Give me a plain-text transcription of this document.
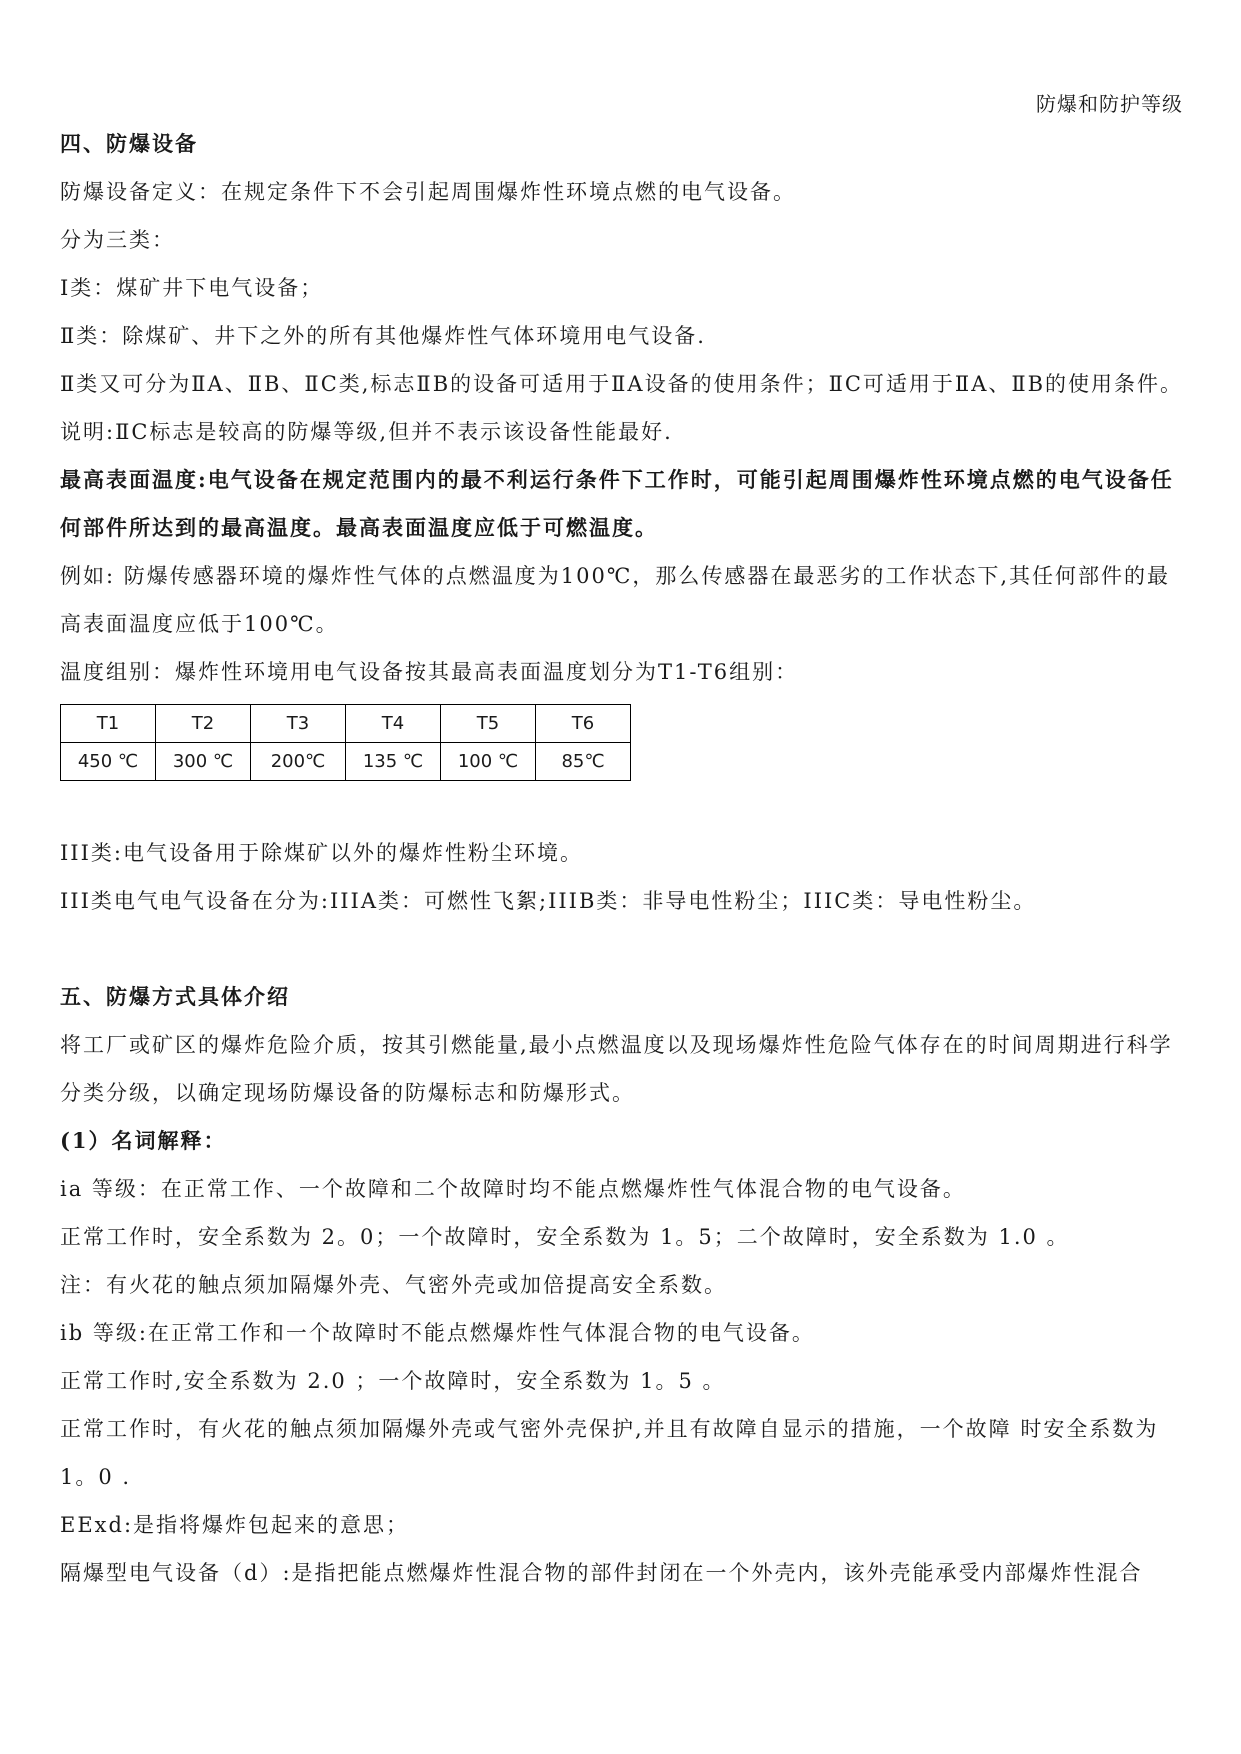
防爆和防护等级

四、防爆设备

防爆设备定义：在规定条件下不会引起周围爆炸性环境点燃的电气设备。

分为三类：

Ⅰ类：煤矿井下电气设备；

Ⅱ类：除煤矿、井下之外的所有其他爆炸性气体环境用电气设备.

Ⅱ类又可分为ⅡA、ⅡB、ⅡC类,标志ⅡB的设备可适用于ⅡA设备的使用条件；ⅡC可适用于ⅡA、ⅡB的使用条件。

说明:ⅡC标志是较高的防爆等级,但并不表示该设备性能最好.

最高表面温度:电气设备在规定范围内的最不利运行条件下工作时，可能引起周围爆炸性环境点燃的电气设备任何部件所达到的最高温度。最高表面温度应低于可燃温度。

例如: 防爆传感器环境的爆炸性气体的点燃温度为100℃，那么传感器在最恶劣的工作状态下,其任何部件的最高表面温度应低于100℃。

温度组别：爆炸性环境用电气设备按其最高表面温度划分为T1-T6组别：

T1	T2	T3	T4	T5	T6
450 ℃	300 ℃	200℃	135 ℃	100 ℃	85℃

III类:电气设备用于除煤矿以外的爆炸性粉尘环境。

III类电气电气设备在分为:IIIA类：可燃性飞絮;IIIB类：非导电性粉尘；IIIC类：导电性粉尘。

五、防爆方式具体介绍

将工厂或矿区的爆炸危险介质，按其引燃能量,最小点燃温度以及现场爆炸性危险气体存在的时间周期进行科学分类分级，以确定现场防爆设备的防爆标志和防爆形式。

(1）名词解释：

ia 等级：在正常工作、一个故障和二个故障时均不能点燃爆炸性气体混合物的电气设备。

正常工作时，安全系数为 2。0；一个故障时，安全系数为 1。5；二个故障时，安全系数为 1.0 。

注：有火花的触点须加隔爆外壳、气密外壳或加倍提高安全系数。

ib 等级:在正常工作和一个故障时不能点燃爆炸性气体混合物的电气设备。

正常工作时,安全系数为 2.0 ；一个故障时，安全系数为 1。5 。

正常工作时，有火花的触点须加隔爆外壳或气密外壳保护,并且有故障自显示的措施，一个故障 时安全系数为 1。0 .

EExd:是指将爆炸包起来的意思；

隔爆型电气设备（d）:是指把能点燃爆炸性混合物的部件封闭在一个外壳内，该外壳能承受内部爆炸性混合
